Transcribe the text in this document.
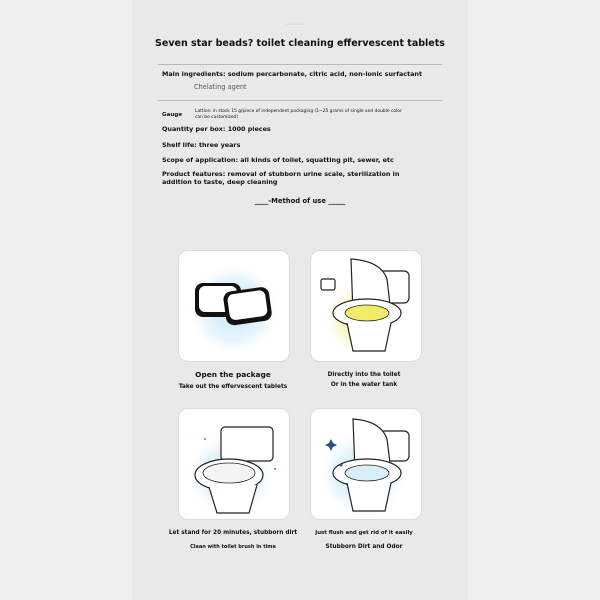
••••••••
Seven star beads? toilet cleaning effervescent tablets
Main ingredients: sodium percarbonate, citric acid, non-ionic surfactant
Chelating agent
Gauge
Lattice: in stock 15 g/piece of independent packaging (1~25 grams of single and double color
can be customized)
Quantity per box: 1000 pieces
Shelf life: three years
Scope of application: all kinds of toilet, squatting pit, sewer, etc
Product features: removal of stubborn urine scale, sterilization in
addition to taste, deep cleaning
____-Method of use _____
Open the package
Take out the effervescent tablets
Directly into the toilet
Or in the water tank
Let stand for 20 minutes, stubborn dirt
Clean with toilet brush in time
Just flush and get rid of it easily
Stubborn Dirt and Odor
